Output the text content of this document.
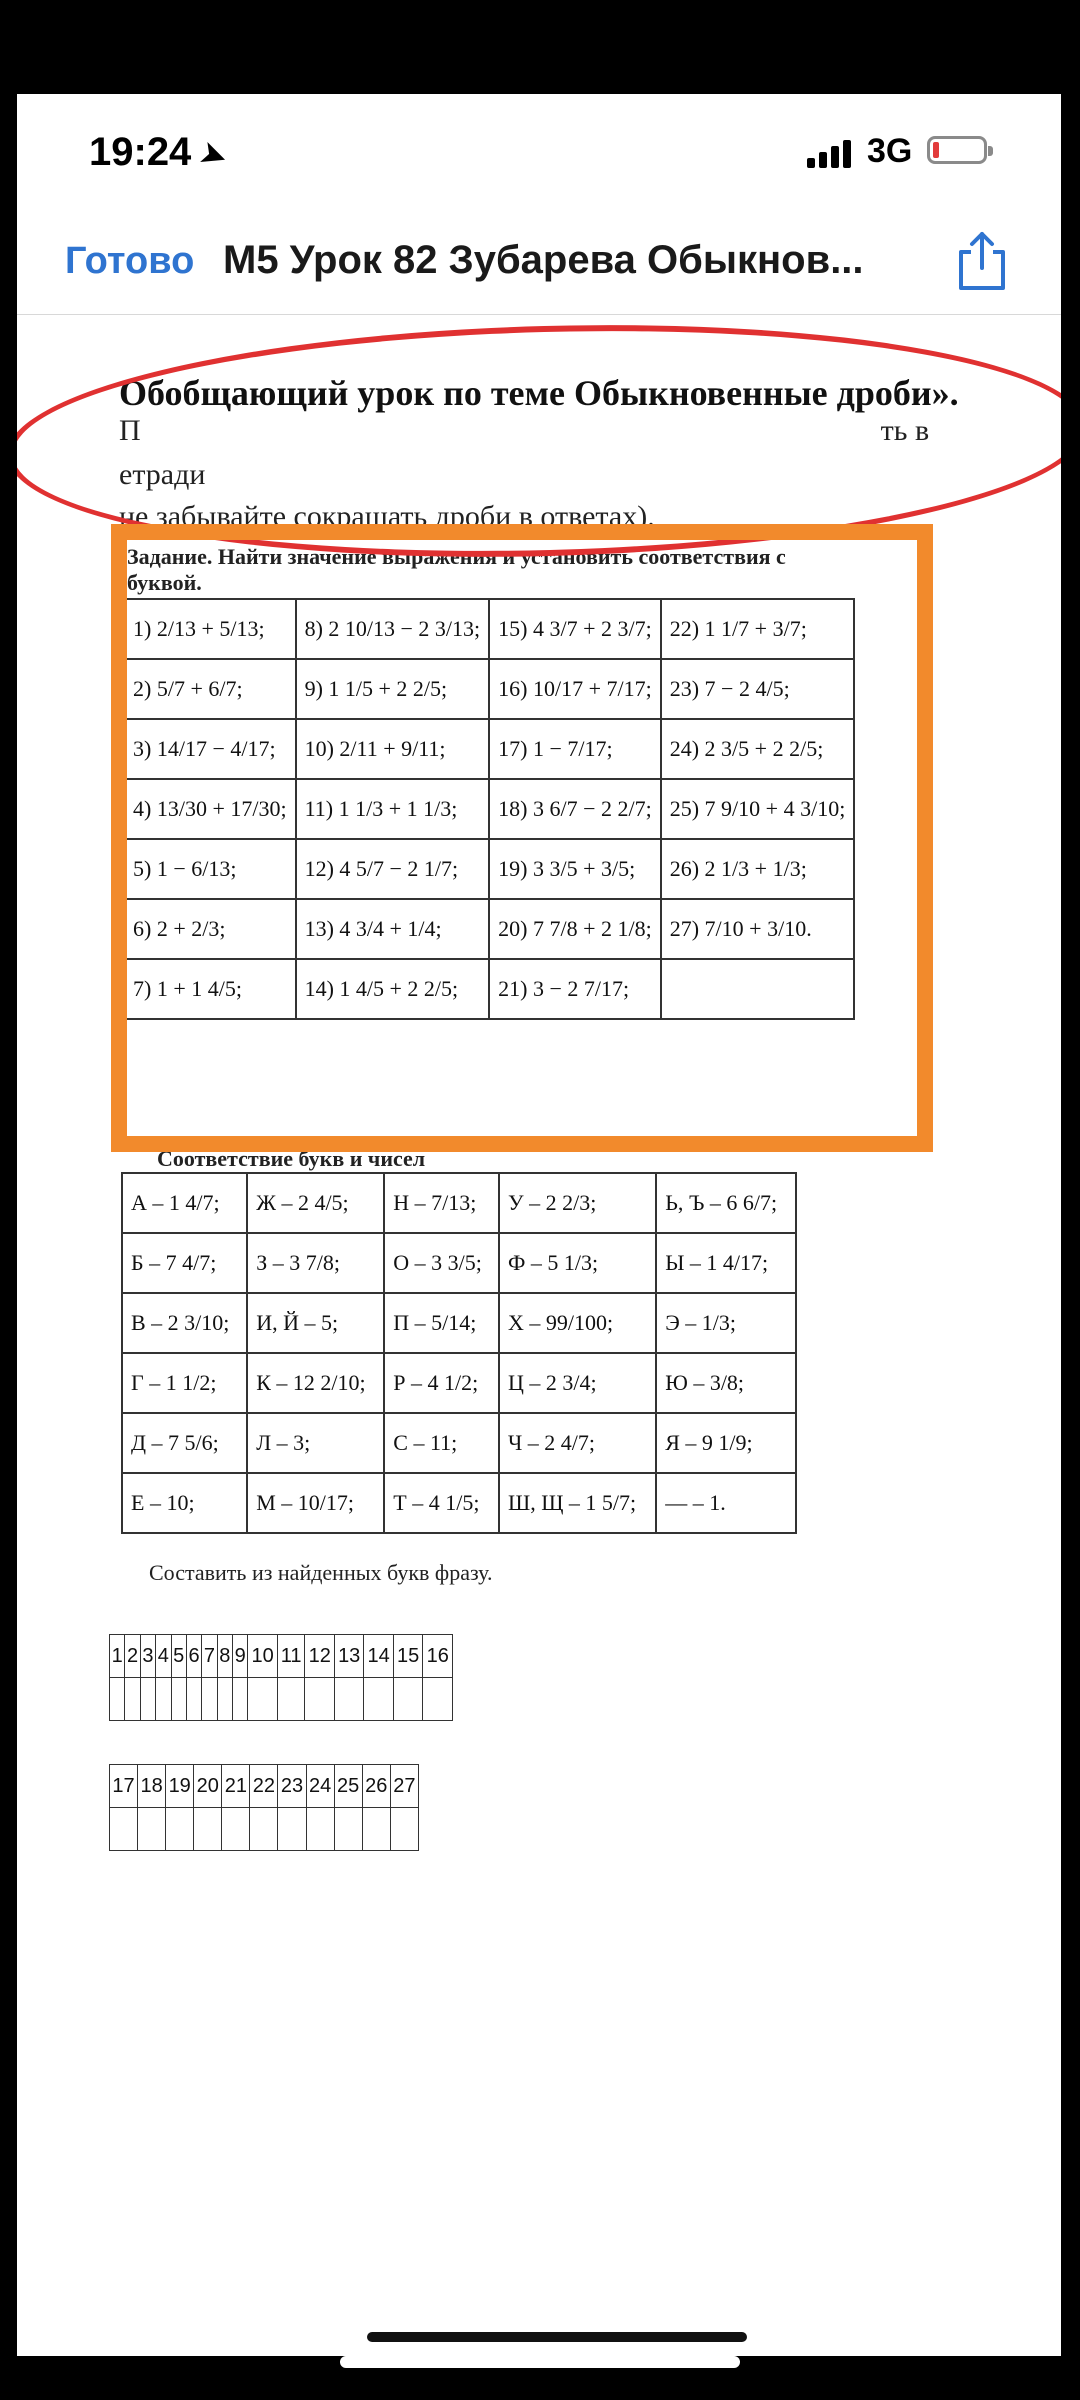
19:24 ➤	3G
Готово М5 Урок 82 Зубарева Обыкнов...
Обобщающий урок по теме Обыкновенные дроби».
П	ть в
етради
не забывайте сокращать дроби в ответах).
Задание. Найти значение выражения и установить соответствия с буквой.
1) 2/13 + 5/13;	8) 2 10/13 − 2 3/13;	15) 4 3/7 + 2 3/7;	22) 1 1/7 + 3/7;
2) 5/7 + 6/7;	9) 1 1/5 + 2 2/5;	16) 10/17 + 7/17;	23) 7 − 2 4/5;
3) 14/17 − 4/17;	10) 2/11 + 9/11;	17) 1 − 7/17;	24) 2 3/5 + 2 2/5;
4) 13/30 + 17/30;	11) 1 1/3 + 1 1/3;	18) 3 6/7 − 2 2/7;	25) 7 9/10 + 4 3/10;
5) 1 − 6/13;	12) 4 5/7 − 2 1/7;	19) 3 3/5 + 3/5;	26) 2 1/3 + 1/3;
6) 2 + 2/3;	13) 4 3/4 + 1/4;	20) 7 7/8 + 2 1/8;	27) 7/10 + 3/10.
7) 1 + 1 4/5;	14) 1 4/5 + 2 2/5;	21) 3 − 2 7/17;	
Соответствие букв и чисел
А – 1 4/7;	Ж – 2 4/5;	Н – 7/13;	У – 2 2/3;	Ь, Ъ – 6 6/7;
Б – 7 4/7;	З – 3 7/8;	О – 3 3/5;	Ф – 5 1/3;	Ы – 1 4/17;
В – 2 3/10;	И, Й – 5;	П – 5/14;	Х – 99/100;	Э – 1/3;
Г – 1 1/2;	К – 12 2/10;	Р – 4 1/2;	Ц – 2 3/4;	Ю – 3/8;
Д – 7 5/6;	Л – 3;	С – 11;	Ч – 2 4/7;	Я – 9 1/9;
Е – 10;	М – 10/17;	Т – 4 1/5;	Ш, Щ – 1 5/7;	— – 1.
Составить из найденных букв фразу.
1	2	3	4	5	6	7	8	9	10	11	12	13	14	15	16

17	18	19	20	21	22	23	24	25	26	27
